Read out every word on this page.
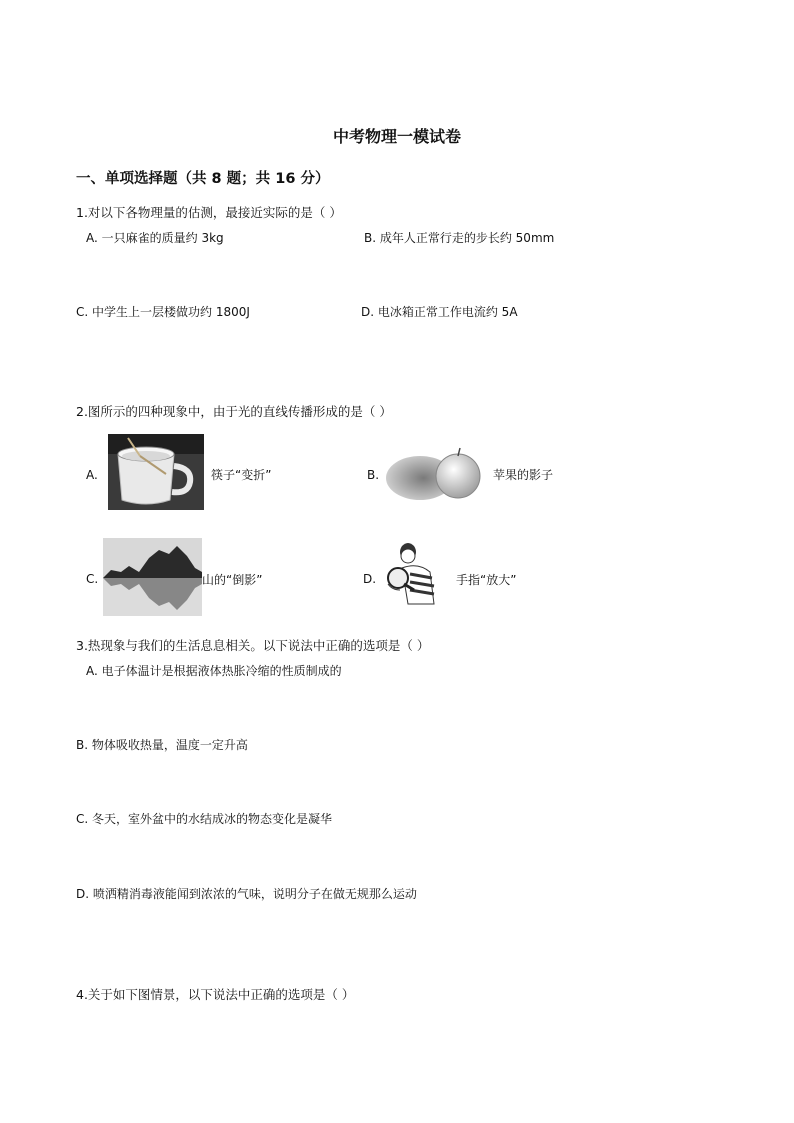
中考物理一模试卷
一、单项选择题（共 8 题；共 16 分）
1.对以下各物理量的估测，最接近实际的是（ ）
A. 一只麻雀的质量约 3kg	B. 成年人正常行走的步长约 50mm
C. 中学生上一层楼做功约 1800J	D. 电冰箱正常工作电流约 5A
2.图所示的四种现象中，由于光的直线传播形成的是（ ）
A.	筷子“变折”	B.	苹果的影子
C.	山的“倒影”	D.	手指“放大”
3.热现象与我们的生活息息相关。以下说法中正确的选项是（ ）
A. 电子体温计是根据液体热胀冷缩的性质制成的
B. 物体吸收热量，温度一定升高
C. 冬天，室外盆中的水结成冰的物态变化是凝华
D. 喷洒精消毒液能闻到浓浓的气味，说明分子在做无规那么运动
4.关于如下图情景，以下说法中正确的选项是（ ）
